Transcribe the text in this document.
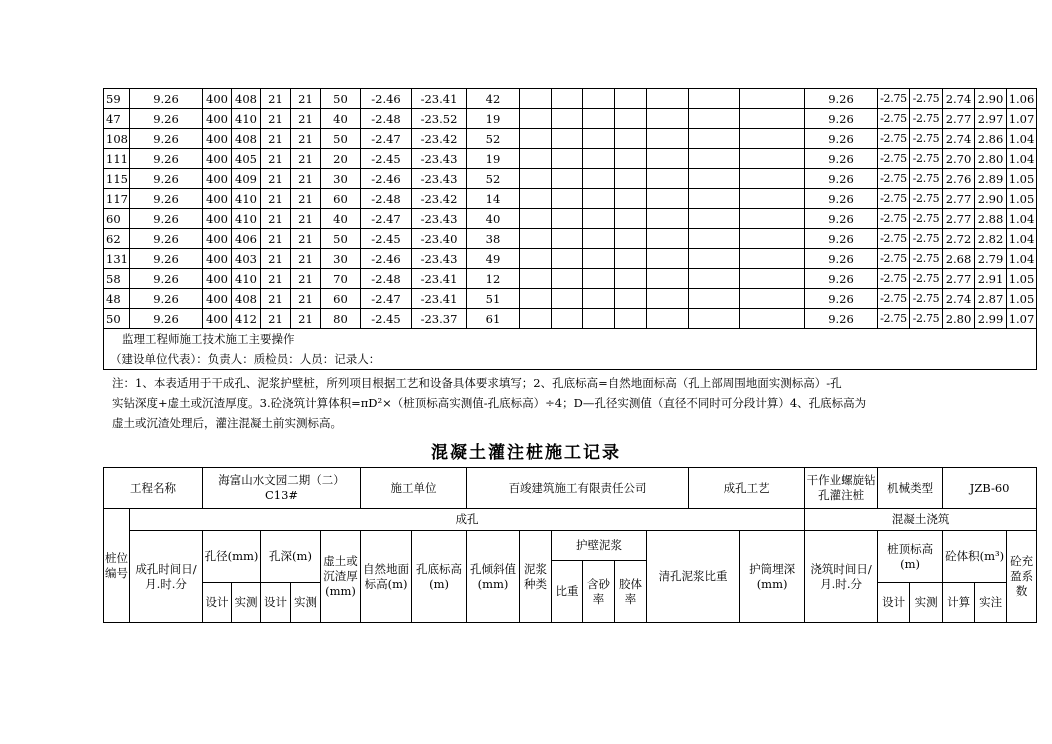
59	9.26	400	408	21	21	50	-2.46	-23.41	42								9.26	-2.75	-2.75	2.74	2.90	1.06
47	9.26	400	410	21	21	40	-2.48	-23.52	19								9.26	-2.75	-2.75	2.77	2.97	1.07
108	9.26	400	408	21	21	50	-2.47	-23.42	52								9.26	-2.75	-2.75	2.74	2.86	1.04
111	9.26	400	405	21	21	20	-2.45	-23.43	19								9.26	-2.75	-2.75	2.70	2.80	1.04
115	9.26	400	409	21	21	30	-2.46	-23.43	52								9.26	-2.75	-2.75	2.76	2.89	1.05
117	9.26	400	410	21	21	60	-2.48	-23.42	14								9.26	-2.75	-2.75	2.77	2.90	1.05
60	9.26	400	410	21	21	40	-2.47	-23.43	40								9.26	-2.75	-2.75	2.77	2.88	1.04
62	9.26	400	406	21	21	50	-2.45	-23.40	38								9.26	-2.75	-2.75	2.72	2.82	1.04
131	9.26	400	403	21	21	30	-2.46	-23.43	49								9.26	-2.75	-2.75	2.68	2.79	1.04
58	9.26	400	410	21	21	70	-2.48	-23.41	12								9.26	-2.75	-2.75	2.77	2.91	1.05
48	9.26	400	408	21	21	60	-2.47	-23.41	51								9.26	-2.75	-2.75	2.74	2.87	1.05
50	9.26	400	412	21	21	80	-2.45	-23.37	61								9.26	-2.75	-2.75	2.80	2.99	1.07
监理工程师施工技术施工主要操作																						
（建设单位代表）：负责人：质检员：人员：记录人：																						
注：1、本表适用于干成孔、泥浆护壁桩，所列项目根据工艺和设备具体要求填写；2、孔底标高=自然地面标高（孔上部周围地面实测标高）-孔
实钻深度+虚土或沉渣厚度。3.砼浇筑计算体积=πD²×（桩顶标高实测值-孔底标高）÷4；D—孔径实测值（直径不同时可分段计算）4、孔底标高为
虚土或沉渣处理后，灌注混凝土前实测标高。
混凝土灌注桩施工记录
工程名称		海富山水文园二期（二）C13#					施工单位		百竣建筑施工有限责任公司						成孔工艺		干作业螺旋钻孔灌注桩	机械类型		JZB-60		
桩位编号	成孔																混凝土浇筑					
	成孔时间日/月.时.分	孔径(mm)		孔深(m)		虚土或沉渣厚(mm)	自然地面标高(m)	孔底标高(m)	孔倾斜值(mm)	泥浆种类	护壁泥浆			清孔泥浆比重		护筒埋深(mm)	浇筑时间日/月.时.分	桩顶标高(m)		砼体积(m³)		砼充盈系数
											比重	含砂率	胶体率									
		设计	实测	设计	实测													设计	实测	计算	实注	
